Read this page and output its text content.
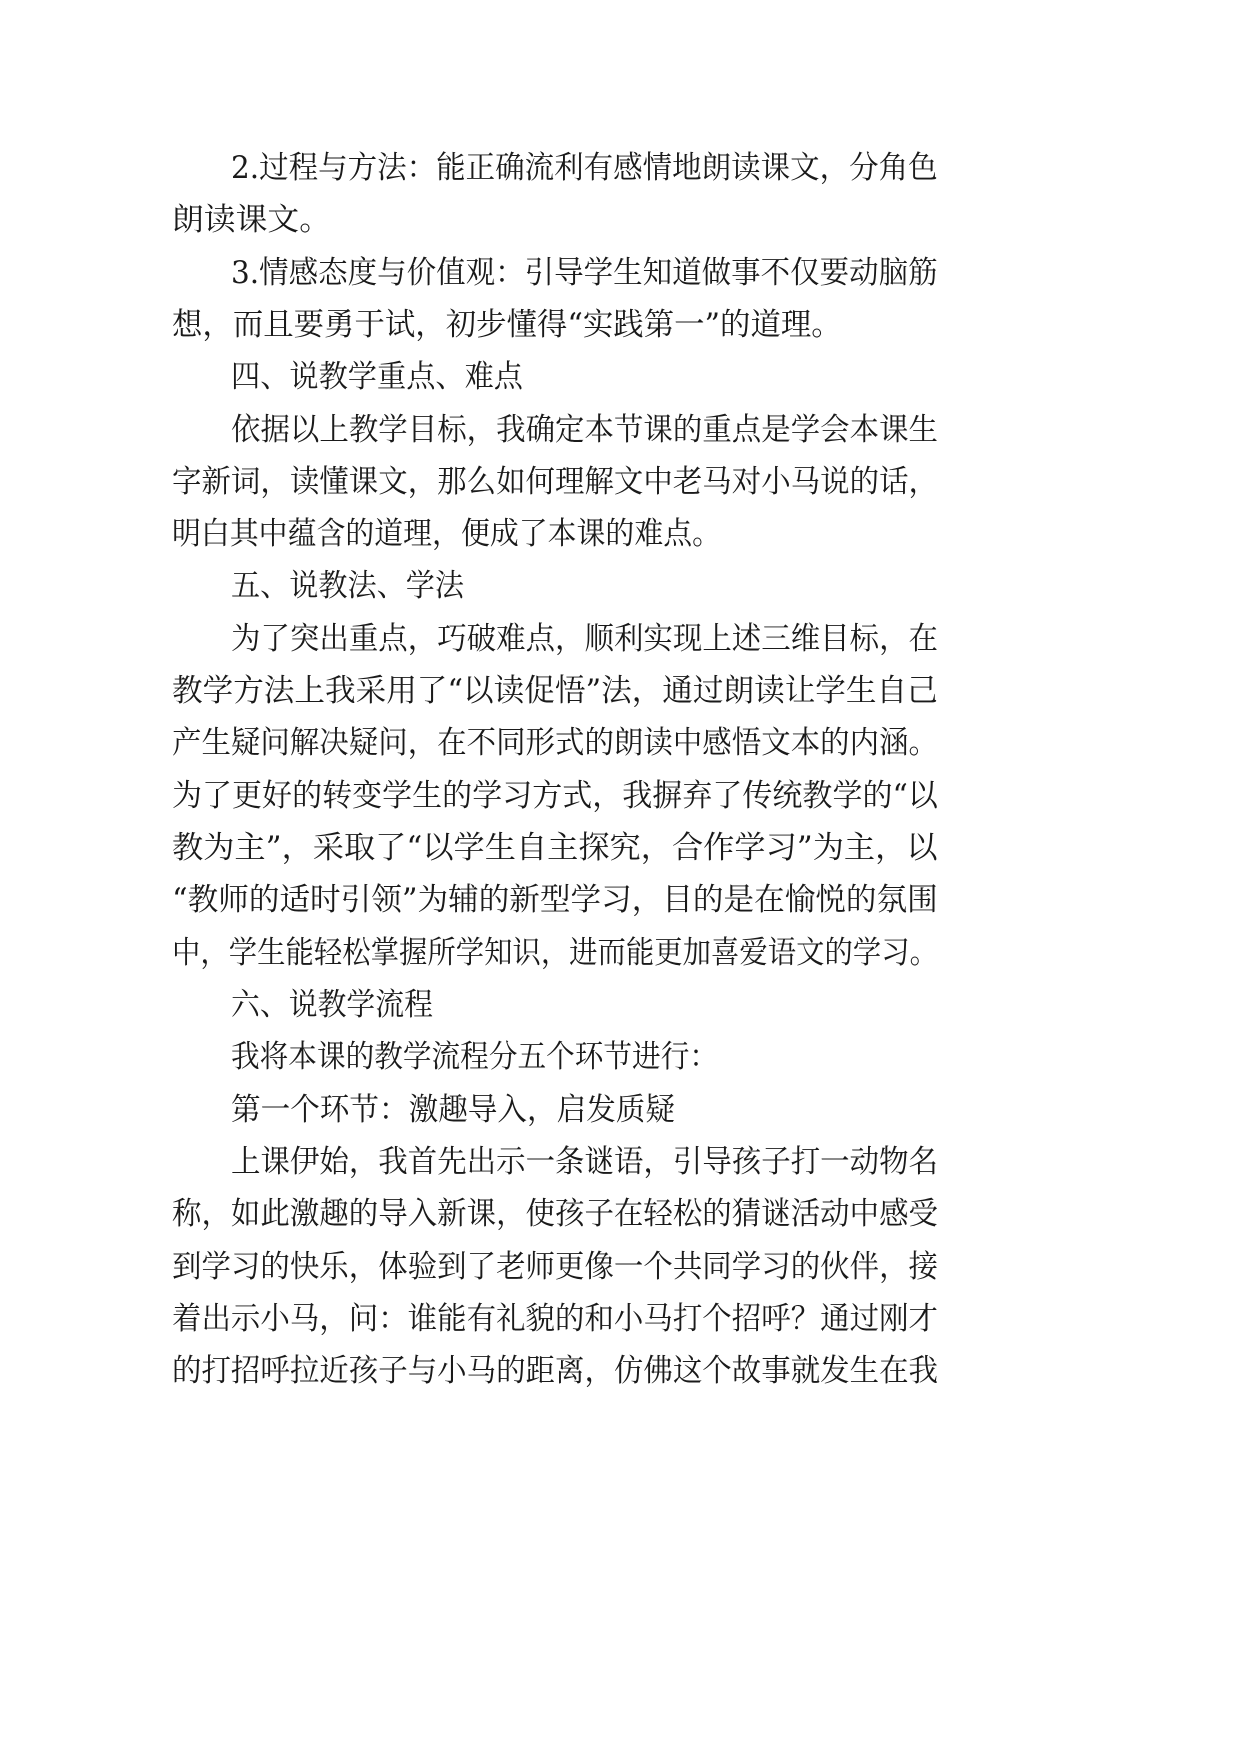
2.过程与方法：能正确流利有感情地朗读课文，分角色
朗读课文。
3.情感态度与价值观：引导学生知道做事不仅要动脑筋
想，而且要勇于试，初步懂得“实践第一”的道理。
四、说教学重点、难点
依据以上教学目标，我确定本节课的重点是学会本课生
字新词，读懂课文，那么如何理解文中老马对小马说的话，
明白其中蕴含的道理，便成了本课的难点。
五、说教法、学法
为了突出重点，巧破难点，顺利实现上述三维目标，在
教学方法上我采用了“以读促悟”法，通过朗读让学生自己
产生疑问解决疑问，在不同形式的朗读中感悟文本的内涵。
为了更好的转变学生的学习方式，我摒弃了传统教学的“以
教为主”，采取了“以学生自主探究，合作学习”为主，以
“教师的适时引领”为辅的新型学习，目的是在愉悦的氛围
中，学生能轻松掌握所学知识，进而能更加喜爱语文的学习。
六、说教学流程
我将本课的教学流程分五个环节进行：
第一个环节：激趣导入，启发质疑
上课伊始，我首先出示一条谜语，引导孩子打一动物名
称，如此激趣的导入新课，使孩子在轻松的猜谜活动中感受
到学习的快乐，体验到了老师更像一个共同学习的伙伴，接
着出示小马，问：谁能有礼貌的和小马打个招呼？通过刚才
的打招呼拉近孩子与小马的距离，仿佛这个故事就发生在我
